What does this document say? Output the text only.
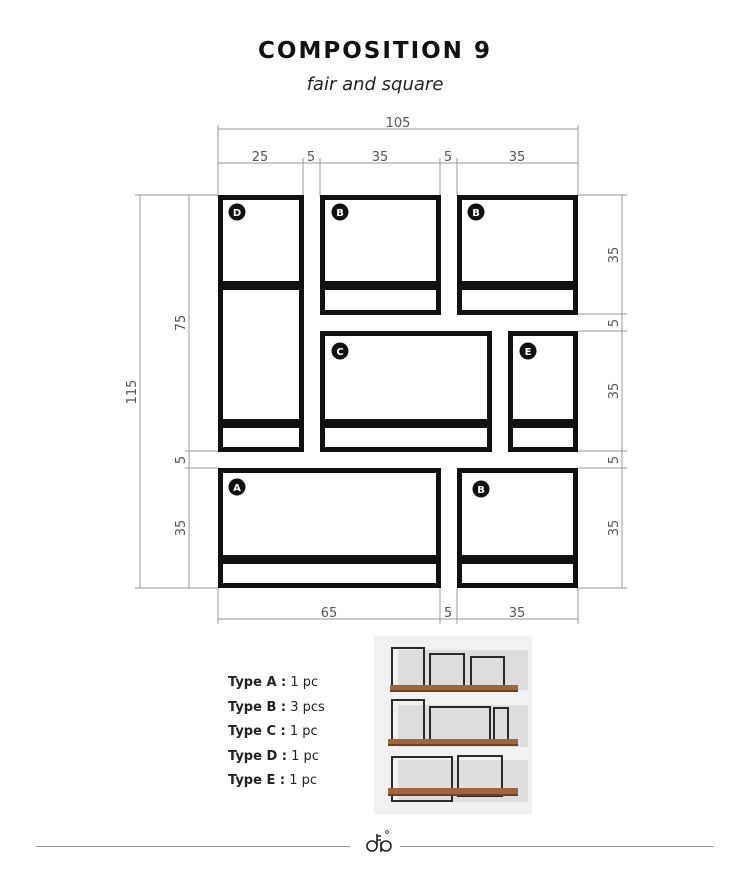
COMPOSITION 9
fair and square
105
25	5	35	5	35
115
75
5
35
35
5
35
5
35
65	5	35
D	B	B
C	E
A	B
Type A : 1 pc
Type B : 3 pcs
Type C : 1 pc
Type D : 1 pc
Type E : 1 pc
